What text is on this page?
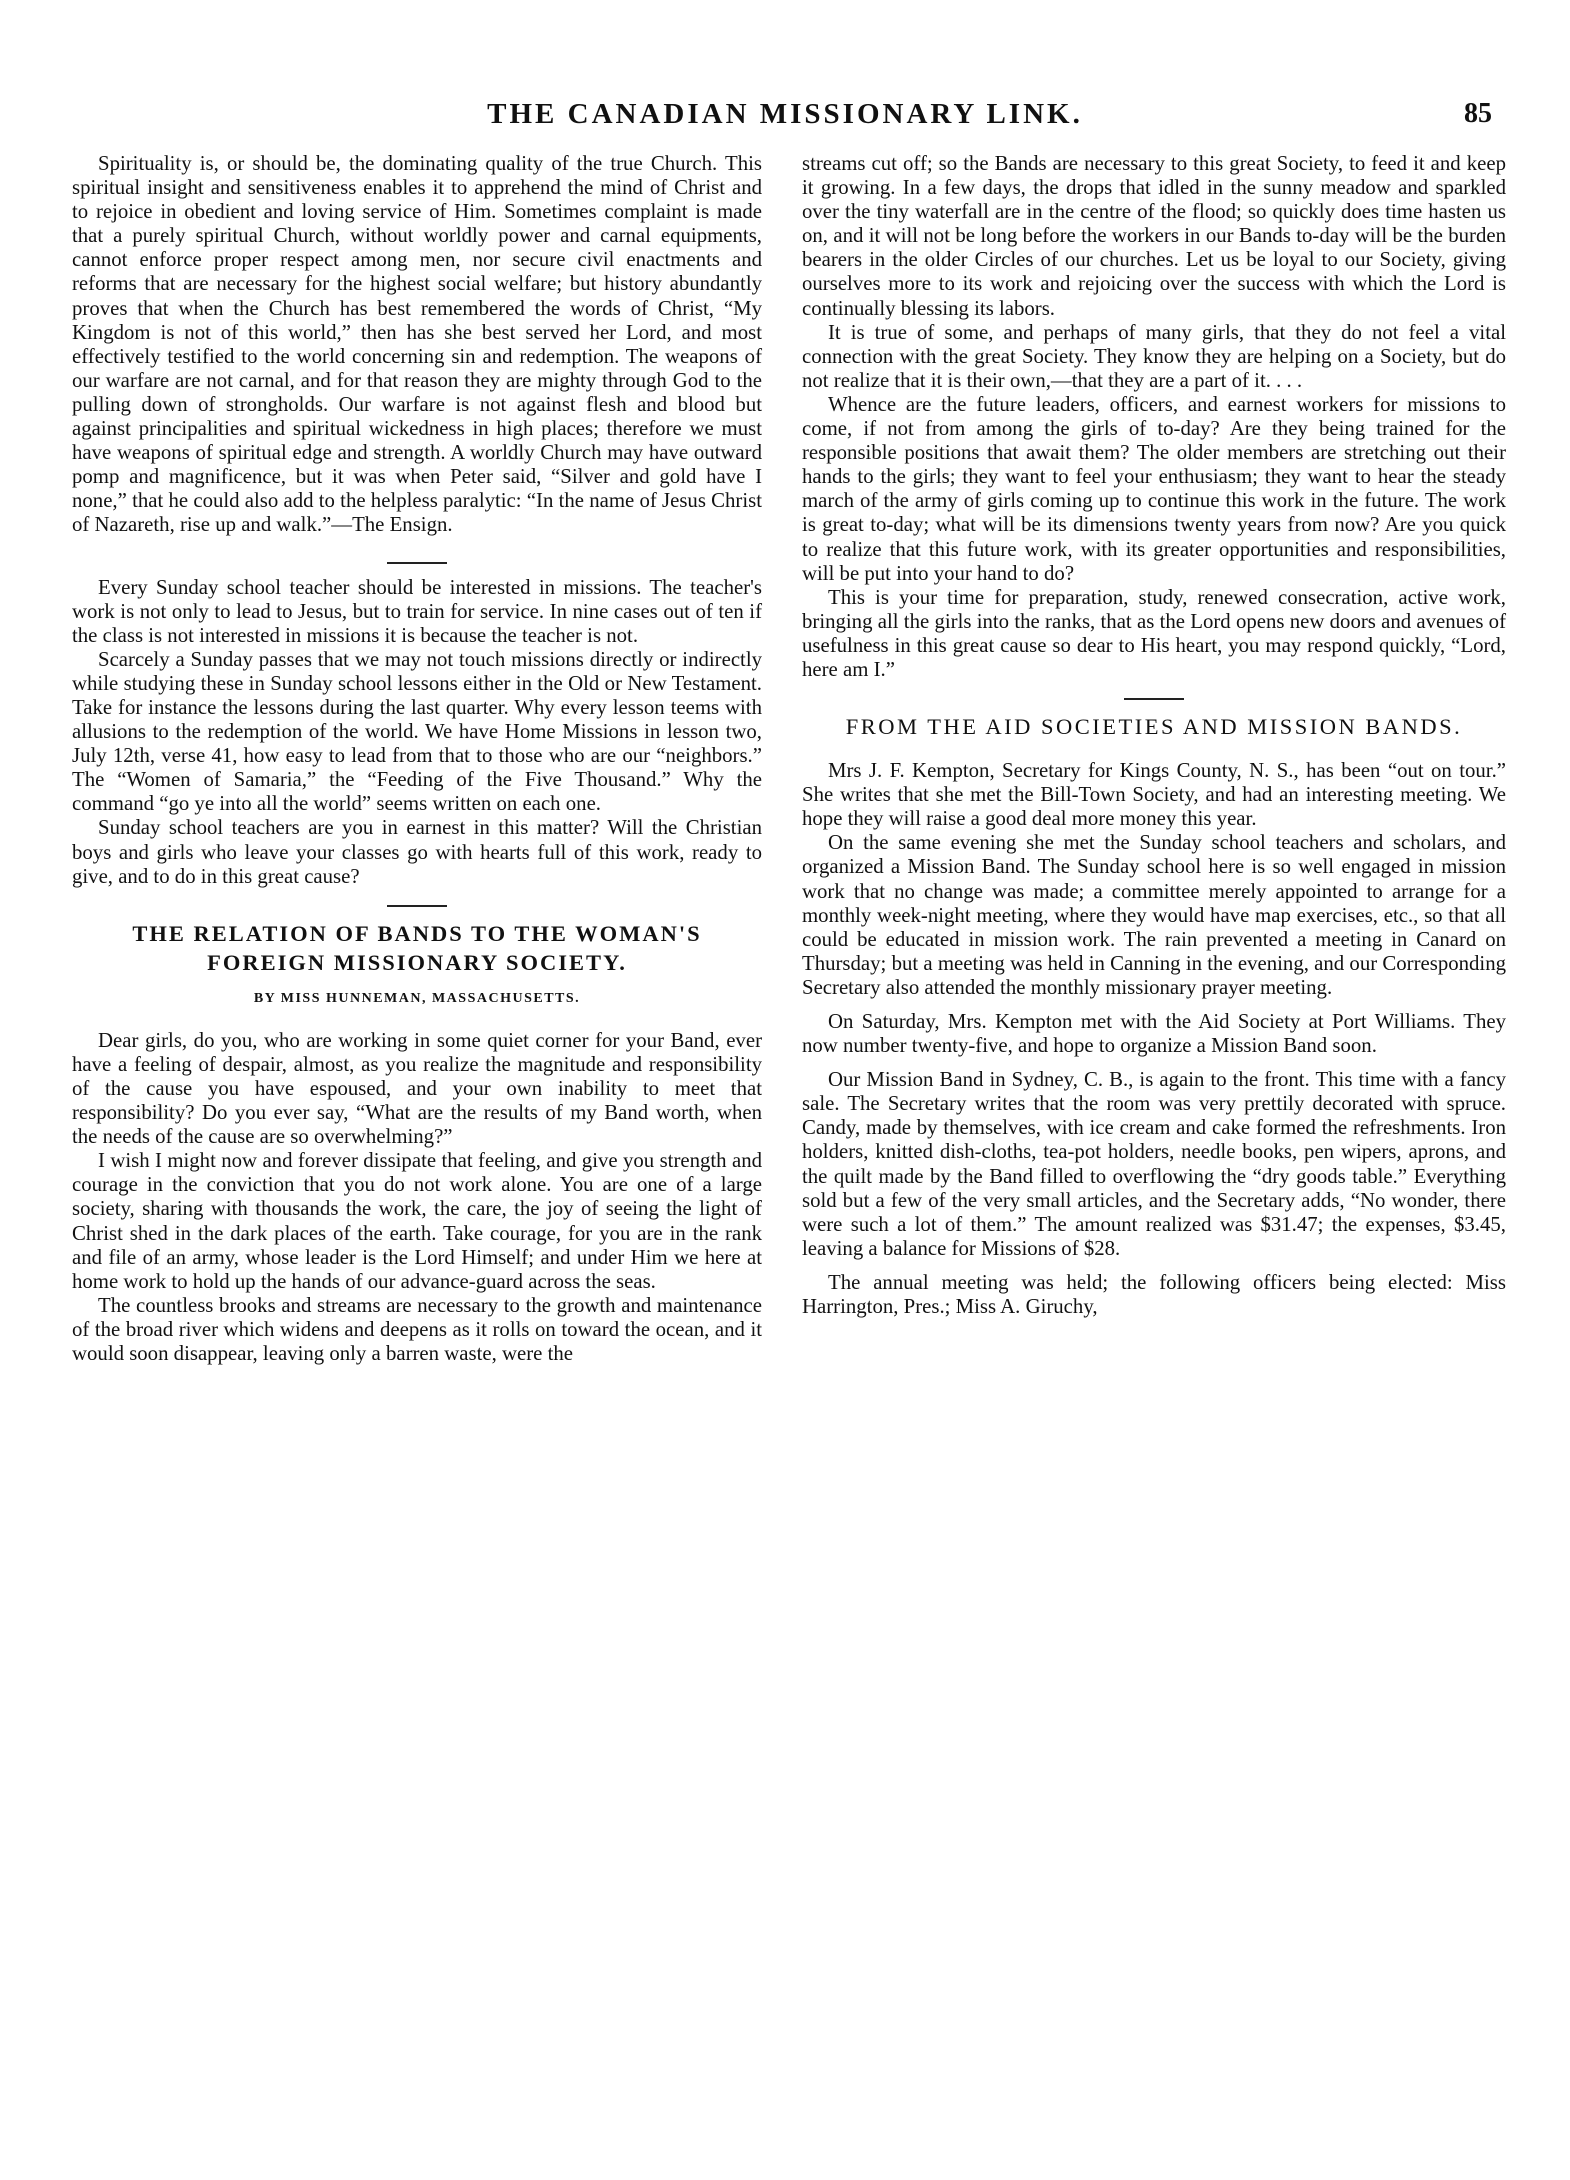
THE CANADIAN MISSIONARY LINK.	85

Spirituality is, or should be, the dominating quality of the true Church. This spiritual insight and sensitiveness enables it to apprehend the mind of Christ and to rejoice in obedient and loving service of Him. Sometimes complaint is made that a purely spiritual Church, without worldly power and carnal equipments, cannot enforce proper respect among men, nor secure civil enactments and reforms that are necessary for the highest social welfare; but history abundantly proves that when the Church has best remembered the words of Christ, “My Kingdom is not of this world,” then has she best served her Lord, and most effectively testified to the world concerning sin and redemption. The weapons of our warfare are not carnal, and for that reason they are mighty through God to the pulling down of strongholds. Our warfare is not against flesh and blood but against principalities and spiritual wickedness in high places; therefore we must have weapons of spiritual edge and strength. A worldly Church may have outward pomp and magnificence, but it was when Peter said, “Silver and gold have I none,” that he could also add to the helpless paralytic: “In the name of Jesus Christ of Nazareth, rise up and walk.”—The Ensign.

Every Sunday school teacher should be interested in missions. The teacher's work is not only to lead to Jesus, but to train for service. In nine cases out of ten if the class is not interested in missions it is because the teacher is not.

Scarcely a Sunday passes that we may not touch missions directly or indirectly while studying these in Sunday school lessons either in the Old or New Testament. Take for instance the lessons during the last quarter. Why every lesson teems with allusions to the redemption of the world. We have Home Missions in lesson two, July 12th, verse 41, how easy to lead from that to those who are our “neighbors.” The “Women of Samaria,” the “Feeding of the Five Thousand.” Why the command “go ye into all the world” seems written on each one.

Sunday school teachers are you in earnest in this matter? Will the Christian boys and girls who leave your classes go with hearts full of this work, ready to give, and to do in this great cause?

THE RELATION OF BANDS TO THE WOMAN'S FOREIGN MISSIONARY SOCIETY.
BY MISS HUNNEMAN, MASSACHUSETTS.

Dear girls, do you, who are working in some quiet corner for your Band, ever have a feeling of despair, almost, as you realize the magnitude and responsibility of the cause you have espoused, and your own inability to meet that responsibility? Do you ever say, “What are the results of my Band worth, when the needs of the cause are so overwhelming?”

I wish I might now and forever dissipate that feeling, and give you strength and courage in the conviction that you do not work alone. You are one of a large society, sharing with thousands the work, the care, the joy of seeing the light of Christ shed in the dark places of the earth. Take courage, for you are in the rank and file of an army, whose leader is the Lord Himself; and under Him we here at home work to hold up the hands of our advance-guard across the seas.

The countless brooks and streams are necessary to the growth and maintenance of the broad river which widens and deepens as it rolls on toward the ocean, and it would soon disappear, leaving only a barren waste, were the

streams cut off; so the Bands are necessary to this great Society, to feed it and keep it growing. In a few days, the drops that idled in the sunny meadow and sparkled over the tiny waterfall are in the centre of the flood; so quickly does time hasten us on, and it will not be long before the workers in our Bands to-day will be the burden bearers in the older Circles of our churches. Let us be loyal to our Society, giving ourselves more to its work and rejoicing over the success with which the Lord is continually blessing its labors.

It is true of some, and perhaps of many girls, that they do not feel a vital connection with the great Society. They know they are helping on a Society, but do not realize that it is their own,—that they are a part of it. . . .

Whence are the future leaders, officers, and earnest workers for missions to come, if not from among the girls of to-day? Are they being trained for the responsible positions that await them? The older members are stretching out their hands to the girls; they want to feel your enthusiasm; they want to hear the steady march of the army of girls coming up to continue this work in the future. The work is great to-day; what will be its dimensions twenty years from now? Are you quick to realize that this future work, with its greater opportunities and responsibilities, will be put into your hand to do?

This is your time for preparation, study, renewed consecration, active work, bringing all the girls into the ranks, that as the Lord opens new doors and avenues of usefulness in this great cause so dear to His heart, you may respond quickly, “Lord, here am I.”

FROM THE AID SOCIETIES AND MISSION BANDS.

Mrs J. F. Kempton, Secretary for Kings County, N. S., has been “out on tour.” She writes that she met the Bill-Town Society, and had an interesting meeting. We hope they will raise a good deal more money this year.

On the same evening she met the Sunday school teachers and scholars, and organized a Mission Band. The Sunday school here is so well engaged in mission work that no change was made; a committee merely appointed to arrange for a monthly week-night meeting, where they would have map exercises, etc., so that all could be educated in mission work. The rain prevented a meeting in Canard on Thursday; but a meeting was held in Canning in the evening, and our Corresponding Secretary also attended the monthly missionary prayer meeting.

On Saturday, Mrs. Kempton met with the Aid Society at Port Williams. They now number twenty-five, and hope to organize a Mission Band soon.

Our Mission Band in Sydney, C. B., is again to the front. This time with a fancy sale. The Secretary writes that the room was very prettily decorated with spruce. Candy, made by themselves, with ice cream and cake formed the refreshments. Iron holders, knitted dish-cloths, tea-pot holders, needle books, pen wipers, aprons, and the quilt made by the Band filled to overflowing the “dry goods table.” Everything sold but a few of the very small articles, and the Secretary adds, “No wonder, there were such a lot of them.” The amount realized was $31.47; the expenses, $3.45, leaving a balance for Missions of $28.

The annual meeting was held; the following officers being elected: Miss Harrington, Pres.; Miss A. Giruchy,
